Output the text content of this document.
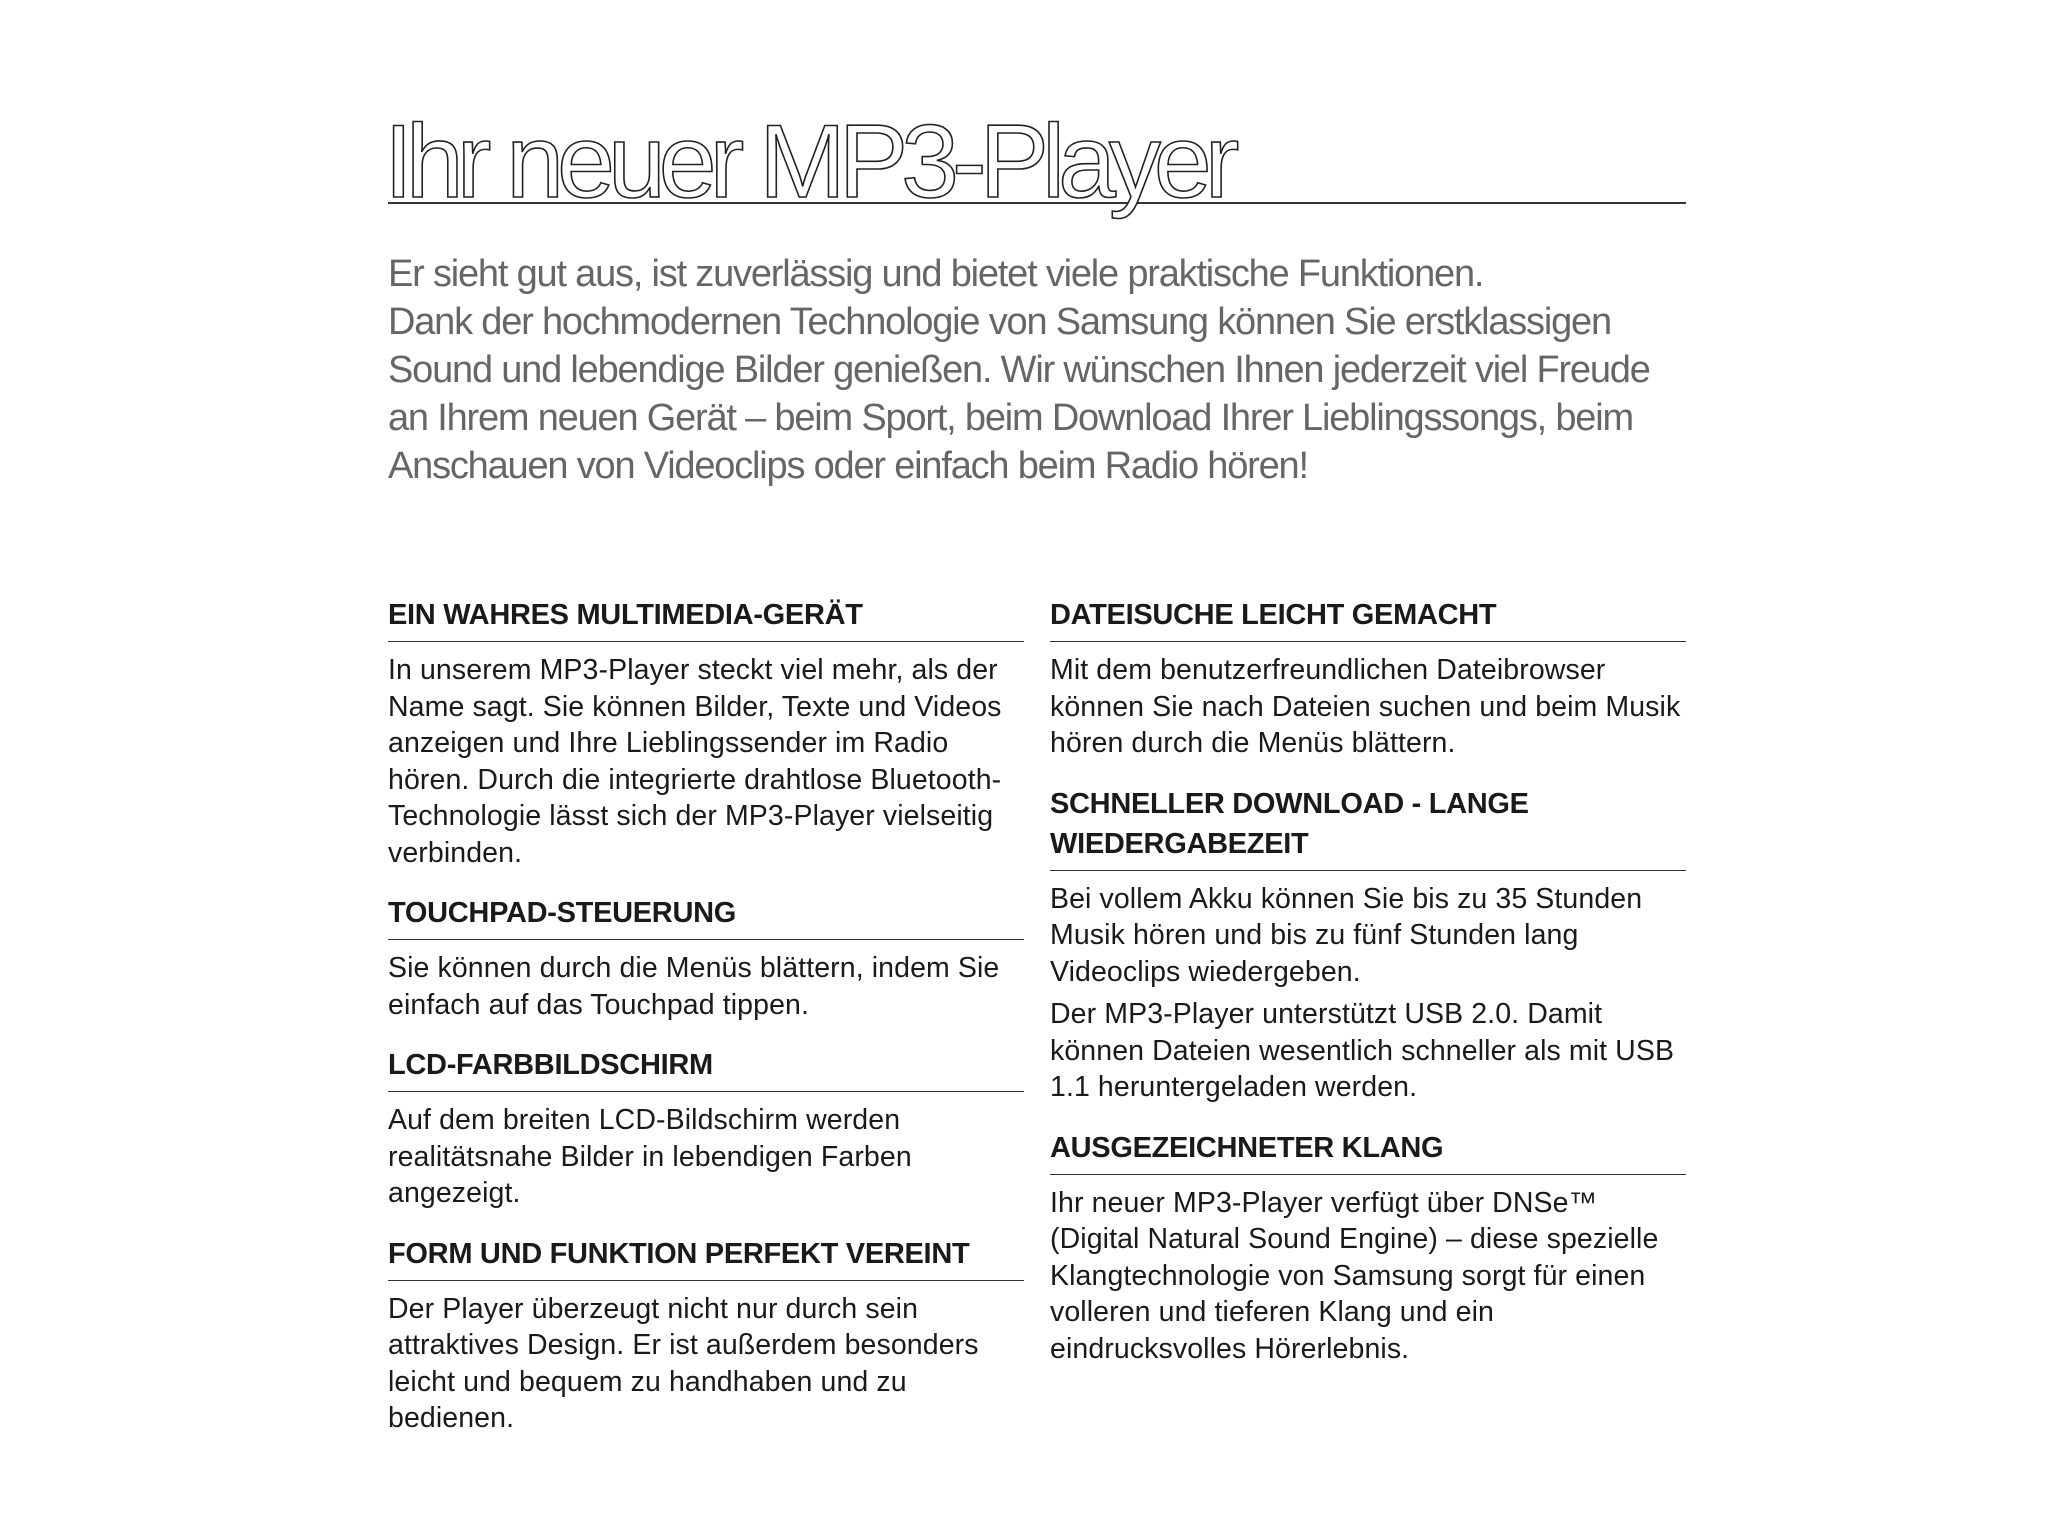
Ihr neuer MP3-Player

Er sieht gut aus, ist zuverlässig und bietet viele praktische Funktionen.

Dank der hochmodernen Technologie von Samsung können Sie erstklassigen Sound und lebendige Bilder genießen. Wir wünschen Ihnen jederzeit viel Freude an Ihrem neuen Gerät – beim Sport, beim Download Ihrer Lieblingssongs, beim Anschauen von Videoclips oder einfach beim Radio hören!

EIN WAHRES MULTIMEDIA-GERÄT

In unserem MP3-Player steckt viel mehr, als der Name sagt. Sie können Bilder, Texte und Videos anzeigen und Ihre Lieblingssender im Radio hören. Durch die integrierte drahtlose Bluetooth-Technologie lässt sich der MP3-Player vielseitig verbinden.

TOUCHPAD-STEUERUNG

Sie können durch die Menüs blättern, indem Sie einfach auf das Touchpad tippen.

LCD-FARBBILDSCHIRM

Auf dem breiten LCD-Bildschirm werden realitätsnahe Bilder in lebendigen Farben angezeigt.

FORM UND FUNKTION PERFEKT VEREINT

Der Player überzeugt nicht nur durch sein attraktives Design. Er ist außerdem besonders leicht und bequem zu handhaben und zu bedienen.

DATEISUCHE LEICHT GEMACHT

Mit dem benutzerfreundlichen Dateibrowser können Sie nach Dateien suchen und beim Musik hören durch die Menüs blättern.

SCHNELLER DOWNLOAD - LANGE WIEDERGABEZEIT

Bei vollem Akku können Sie bis zu 35 Stunden Musik hören und bis zu fünf Stunden lang Videoclips wiedergeben.

Der MP3-Player unterstützt USB 2.0. Damit können Dateien wesentlich schneller als mit USB 1.1 heruntergeladen werden.

AUSGEZEICHNETER KLANG

Ihr neuer MP3-Player verfügt über DNSe™ (Digital Natural Sound Engine) – diese spezielle Klangtechnologie von Samsung sorgt für einen volleren und tieferen Klang und ein eindrucksvolles Hörerlebnis.
